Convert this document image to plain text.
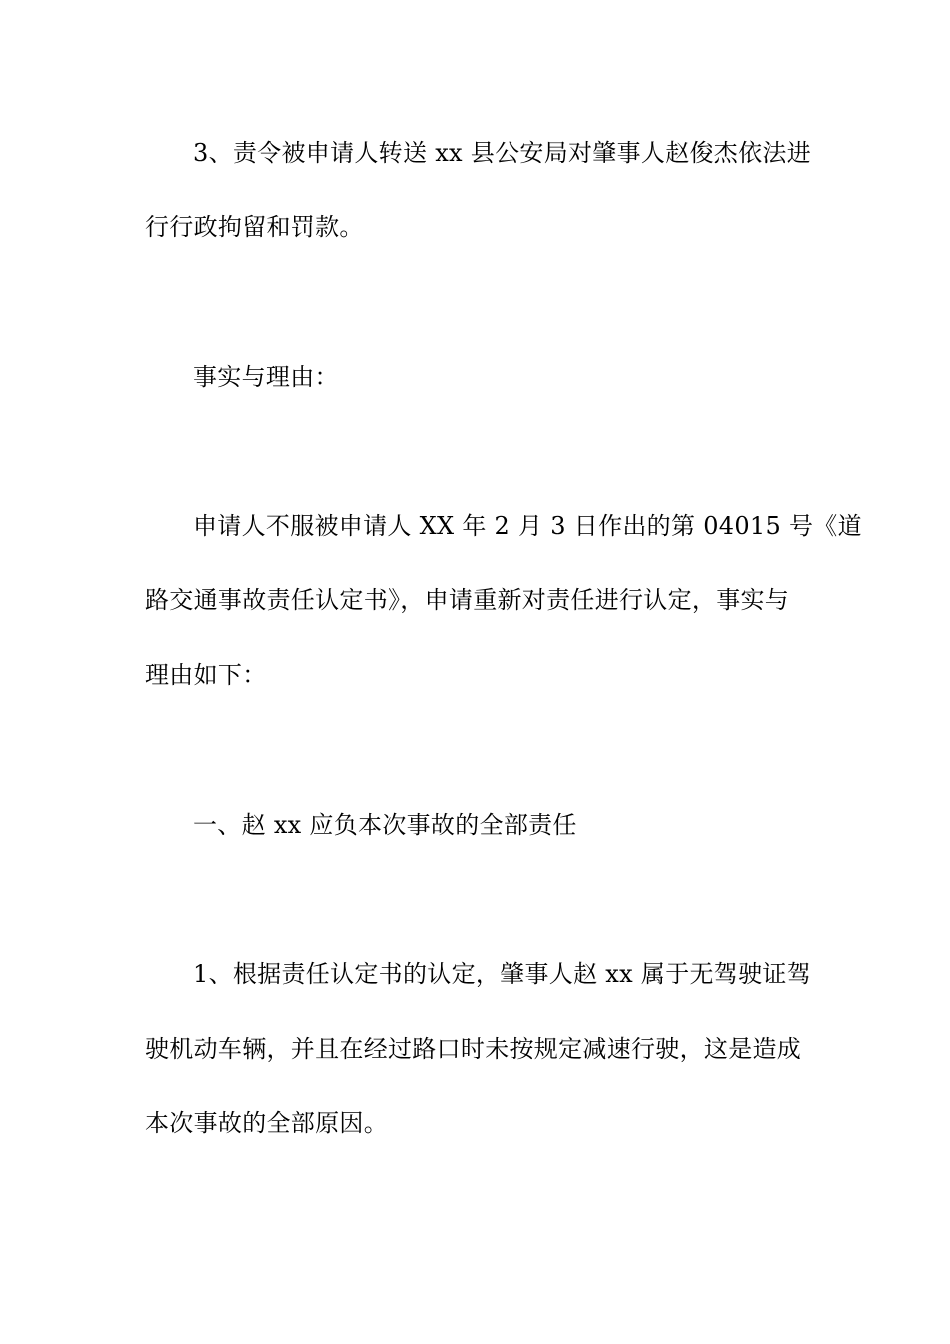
3、责令被申请人转送 xx 县公安局对肇事人赵俊杰依法进
行行政拘留和罚款。
事实与理由：
申请人不服被申请人 XX 年 2 月 3 日作出的第 04015 号《道
路交通事故责任认定书》，申请重新对责任进行认定，事实与
理由如下：
一、赵 xx 应负本次事故的全部责任
1、根据责任认定书的认定，肇事人赵 xx 属于无驾驶证驾
驶机动车辆，并且在经过路口时未按规定减速行驶，这是造成
本次事故的全部原因。
